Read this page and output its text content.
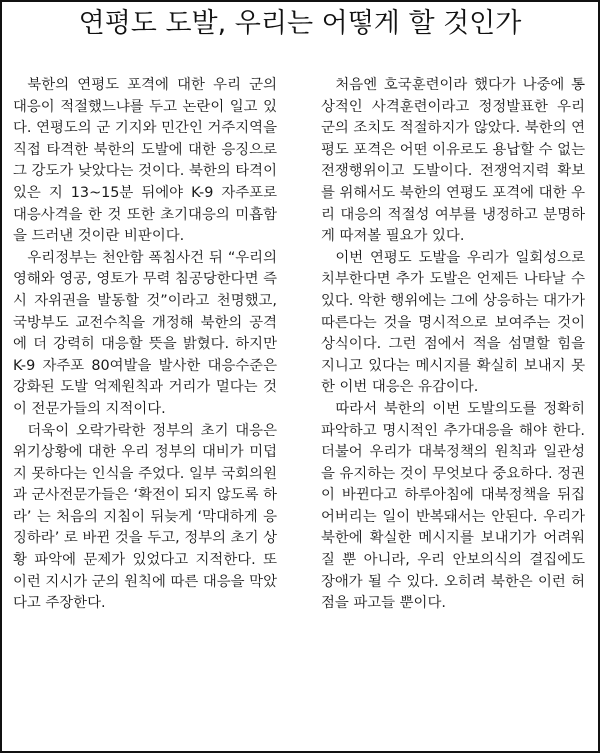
연평도 도발, 우리는 어떻게 할 것인가

북한의 연평도 포격에 대한 우리 군의 대응이 적절했느냐를 두고 논란이 일고 있다. 연평도의 군 기지와 민간인 거주지역을 직접 타격한 북한의 도발에 대한 응징으로 그 강도가 낮았다는 것이다. 북한의 타격이 있은 지 13~15분 뒤에야 K-9 자주포로 대응사격을 한 것 또한 초기대응의 미흡함을 드러낸 것이란 비판이다.

우리정부는 천안함 폭침사건 뒤 “우리의 영해와 영공, 영토가 무력 침공당한다면 즉시 자위권을 발동할 것”이라고 천명했고, 국방부도 교전수칙을 개정해 북한의 공격에 더 강력히 대응할 뜻을 밝혔다. 하지만 K-9 자주포 80여발을 발사한 대응수준은 강화된 도발 억제원칙과 거리가 멀다는 것이 전문가들의 지적이다.

더욱이 오락가락한 정부의 초기 대응은 위기상황에 대한 우리 정부의 대비가 미덥지 못하다는 인식을 주었다. 일부 국회의원과 군사전문가들은 ‘확전이 되지 않도록 하라’ 는 처음의 지침이 뒤늦게 ‘막대하게 응징하라’ 로 바뀐 것을 두고, 정부의 초기 상황 파악에 문제가 있었다고 지적한다. 또 이런 지시가 군의 원칙에 따른 대응을 막았다고 주장한다.

처음엔 호국훈련이라 했다가 나중에 통상적인 사격훈련이라고 정정발표한 우리 군의 조치도 적절하지가 않았다. 북한의 연평도 포격은 어떤 이유로도 용납할 수 없는 전쟁행위이고 도발이다. 전쟁억지력 확보를 위해서도 북한의 연평도 포격에 대한 우리 대응의 적절성 여부를 냉정하고 분명하게 따져볼 필요가 있다.

이번 연평도 도발을 우리가 일회성으로 치부한다면 추가 도발은 언제든 나타날 수 있다. 악한 행위에는 그에 상응하는 대가가 따른다는 것을 명시적으로 보여주는 것이 상식이다. 그런 점에서 적을 섬멸할 힘을 지니고 있다는 메시지를 확실히 보내지 못한 이번 대응은 유감이다.

따라서 북한의 이번 도발의도를 정확히 파악하고 명시적인 추가대응을 해야 한다. 더불어 우리가 대북정책의 원칙과 일관성을 유지하는 것이 무엇보다 중요하다. 정권이 바뀐다고 하루아침에 대북정책을 뒤집어버리는 일이 반복돼서는 안된다. 우리가 북한에 확실한 메시지를 보내기가 어려워질 뿐 아니라, 우리 안보의식의 결집에도 장애가 될 수 있다. 오히려 북한은 이런 허점을 파고들 뿐이다.
